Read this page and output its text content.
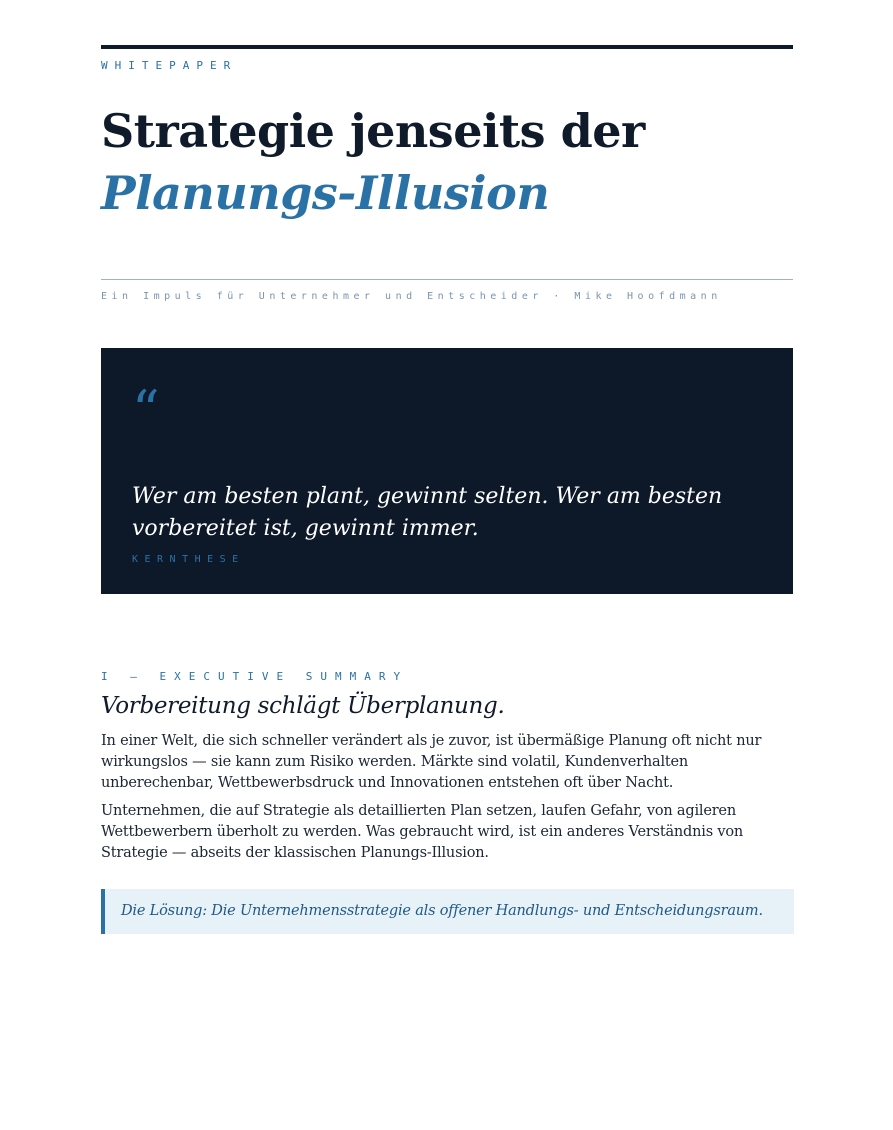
WHITEPAPER
Strategie jenseits der
Planungs-Illusion
Ein Impuls für Unternehmer und Entscheider · Mike Hoofdmann
“
Wer am besten plant, gewinnt selten. Wer am besten vorbereitet ist, gewinnt immer.
KERNTHESE
I — EXECUTIVE SUMMARY
Vorbereitung schlägt Überplanung.

In einer Welt, die sich schneller verändert als je zuvor, ist übermäßige Planung oft nicht nur wirkungslos — sie kann zum Risiko werden. Märkte sind volatil, Kundenverhalten unberechenbar, Wettbewerbsdruck und Innovationen entstehen oft über Nacht.

Unternehmen, die auf Strategie als detaillierten Plan setzen, laufen Gefahr, von agileren Wettbewerbern überholt zu werden. Was gebraucht wird, ist ein anderes Verständnis von Strategie — abseits der klassischen Planungs-Illusion.

Die Lösung: Die Unternehmensstrategie als offener Handlungs- und Entscheidungsraum.
